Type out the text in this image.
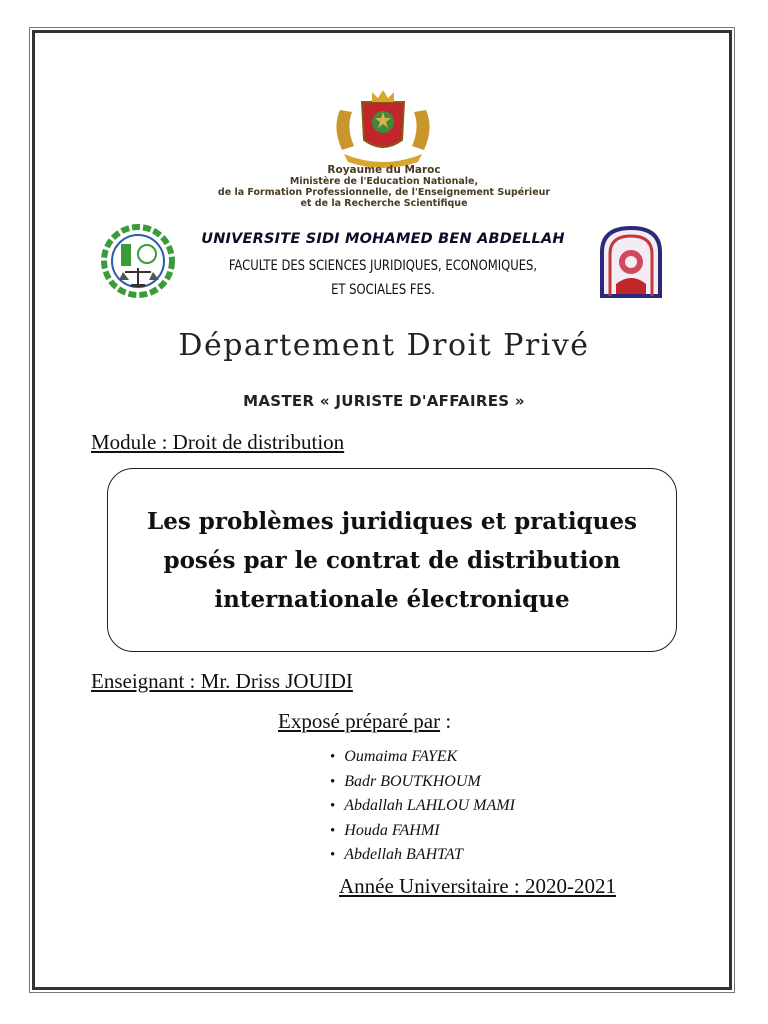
Royaume du Maroc
Ministère de l'Education Nationale,
de la Formation Professionnelle, de l'Enseignement Supérieur
et de la Recherche Scientifique
UNIVERSITE SIDI MOHAMED BEN ABDELLAH
FACULTE DES SCIENCES JURIDIQUES, ECONOMIQUES,
ET SOCIALES FES.
Département Droit Privé
MASTER « JURISTE D'AFFAIRES »
Module : Droit de distribution
Les problèmes juridiques et pratiques posés par le contrat de distribution internationale électronique
Enseignant : Mr. Driss JOUIDI
Exposé préparé par :
• Oumaima FAYEK
• Badr BOUTKHOUM
• Abdallah LAHLOU MAMI
• Houda FAHMI
• Abdellah BAHTAT
Année Universitaire : 2020-2021
